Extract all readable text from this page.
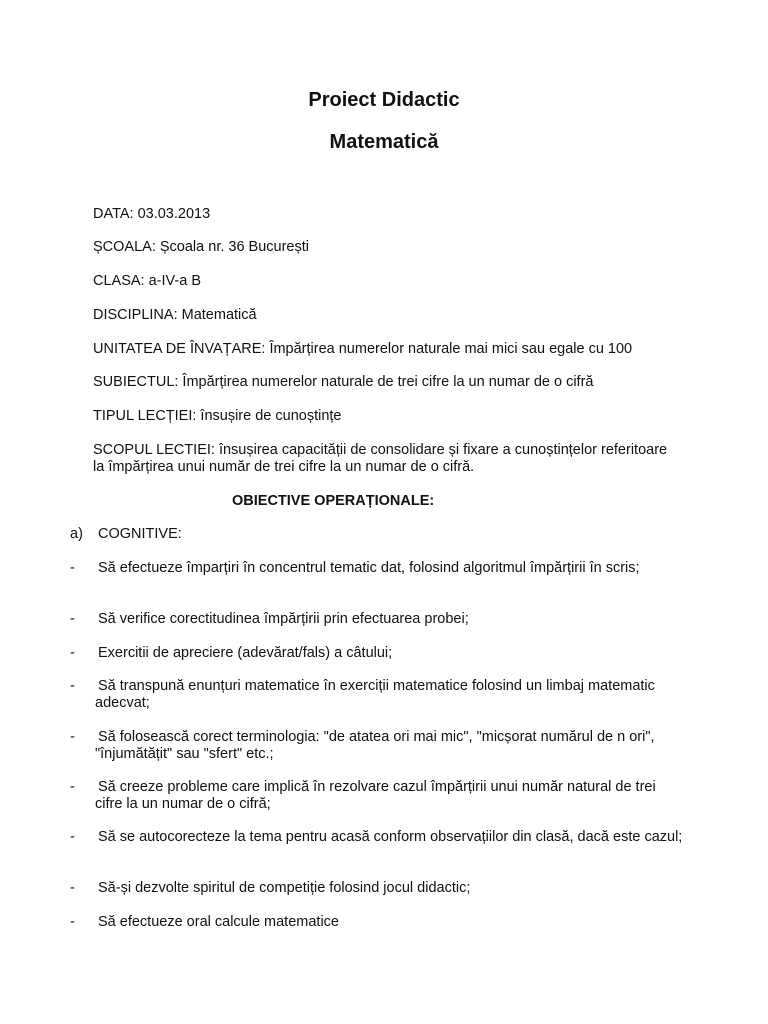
Proiect Didactic
Matematică

DATA: 03.03.2013

ȘCOALA: Școala nr. 36 București

CLASA: a-IV-a B

DISCIPLINA: Matematică

UNITATEA DE ÎNVAȚARE: Împărțirea numerelor naturale mai mici sau egale cu 100

SUBIECTUL: Împărțirea numerelor naturale de trei cifre la un numar de o cifră

TIPUL LECȚIEI: însușire de cunoștințe

SCOPUL LECTIEI: însușirea capacității de consolidare și fixare a cunoștințelor referitoare la împărțirea unui număr de trei cifre la un numar de o cifră.

OBIECTIVE OPERAȚIONALE:

a) COGNITIVE:

- Să efectueze împarțiri în concentrul tematic dat, folosind algoritmul împărțirii în scris;
- Să verifice corectitudinea împărțirii prin efectuarea probei;
- Exercitii de apreciere (adevărat/fals) a câtului;
- Să transpună enunțuri matematice în exerciții matematice folosind un limbaj matematic adecvat;
- Să folosească corect terminologia: "de atatea ori mai mic", "micșorat numărul de n ori", "înjumătățit" sau "sfert" etc.;
- Să creeze probleme care implică în rezolvare cazul împărțirii unui număr natural de trei cifre la un numar de o cifră;
- Să se autocorecteze la tema pentru acasă conform observațiilor din clasă, dacă este cazul;
- Să-și dezvolte spiritul de competiție folosind jocul didactic;
- Să efectueze oral calcule matematice
